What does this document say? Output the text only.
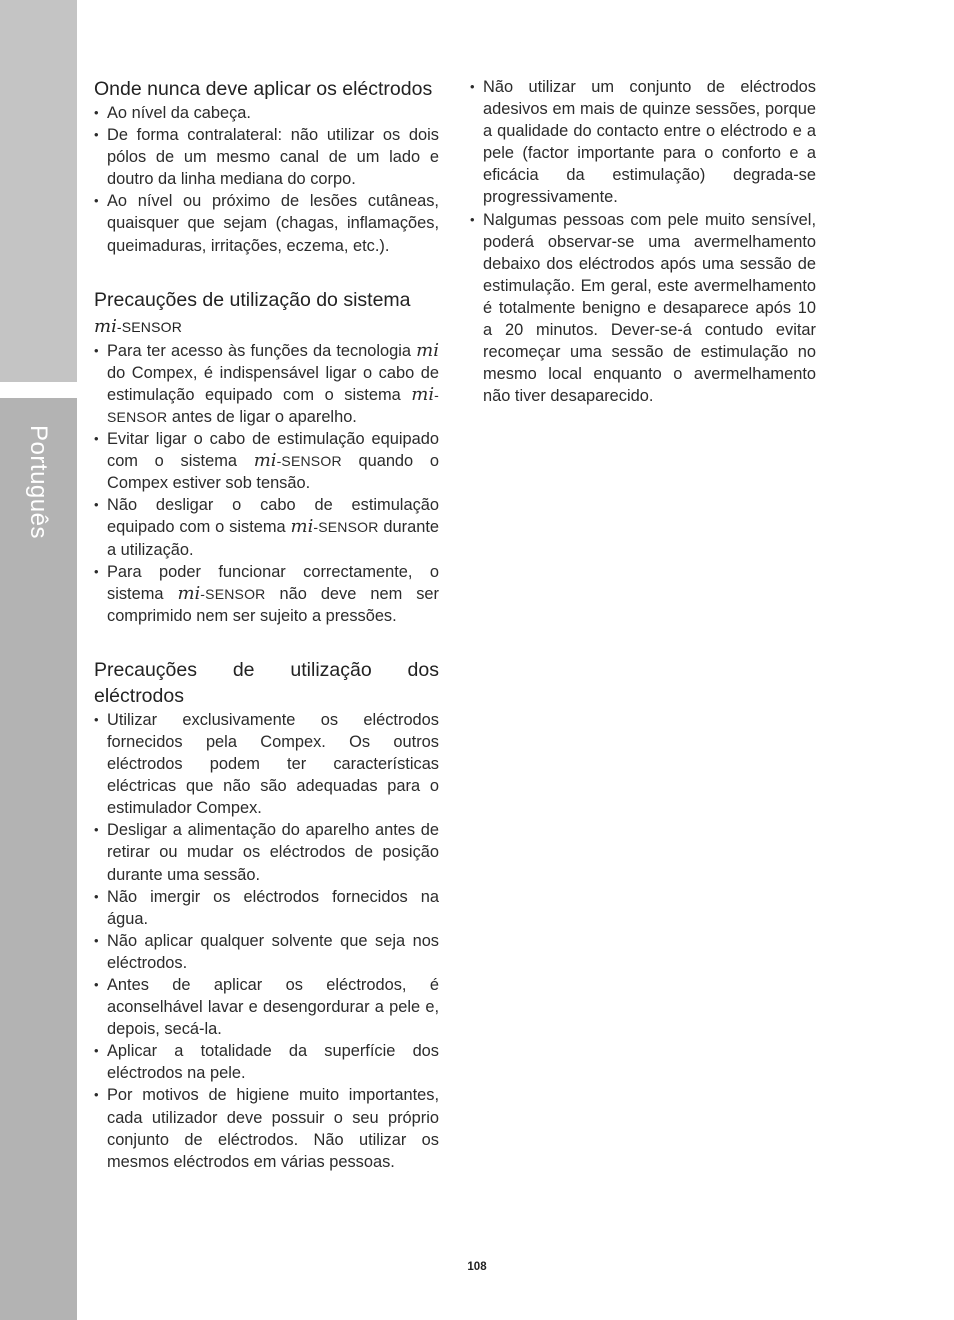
Português
Onde nunca deve aplicar os eléctrodos
• Ao nível da cabeça.
• De forma contralateral: não utilizar os dois pólos de um mesmo canal de um lado e doutro da linha mediana do corpo.
• Ao nível ou próximo de lesões cutâneas, quaisquer que sejam (chagas, inflamações, queimaduras, irritações, eczema, etc.).
Precauções de utilização do sistema
mi-SENSOR
• Para ter acesso às funções da tecnologia mi do Compex, é indispensável ligar o cabo de estimulação equipado com o sistema mi-SENSOR antes de ligar o aparelho.
• Evitar ligar o cabo de estimulação equipado com o sistema mi-SENSOR quando o Compex estiver sob tensão.
• Não desligar o cabo de estimulação equipado com o sistema mi-SENSOR durante a utilização.
• Para poder funcionar correctamente, o sistema mi-SENSOR não deve nem ser comprimido nem ser sujeito a pressões.
Precauções de utilização dos eléctrodos
• Utilizar exclusivamente os eléctrodos fornecidos pela Compex. Os outros eléctrodos podem ter características eléctricas que não são adequadas para o estimulador Compex.
• Desligar a alimentação do aparelho antes de retirar ou mudar os eléctrodos de posição durante uma sessão.
• Não imergir os eléctrodos fornecidos na água.
• Não aplicar qualquer solvente que seja nos eléctrodos.
• Antes de aplicar os eléctrodos, é aconselhável lavar e desengordurar a pele e, depois, secá-la.
• Aplicar a totalidade da superfície dos eléctrodos na pele.
• Por motivos de higiene muito importantes, cada utilizador deve possuir o seu próprio conjunto de eléctrodos. Não utilizar os mesmos eléctrodos em várias pessoas.
• Não utilizar um conjunto de eléctrodos adesivos em mais de quinze sessões, porque a qualidade do contacto entre o eléctrodo e a pele (factor importante para o conforto e a eficácia da estimulação) degrada-se progressivamente.
• Nalgumas pessoas com pele muito sensível, poderá observar-se uma avermelhamento debaixo dos eléctrodos após uma sessão de estimulação. Em geral, este avermelhamento é totalmente benigno e desaparece após 10 a 20 minutos. Dever-se-á contudo evitar recomeçar uma sessão de estimulação no mesmo local enquanto o avermelhamento não tiver desaparecido.
108
